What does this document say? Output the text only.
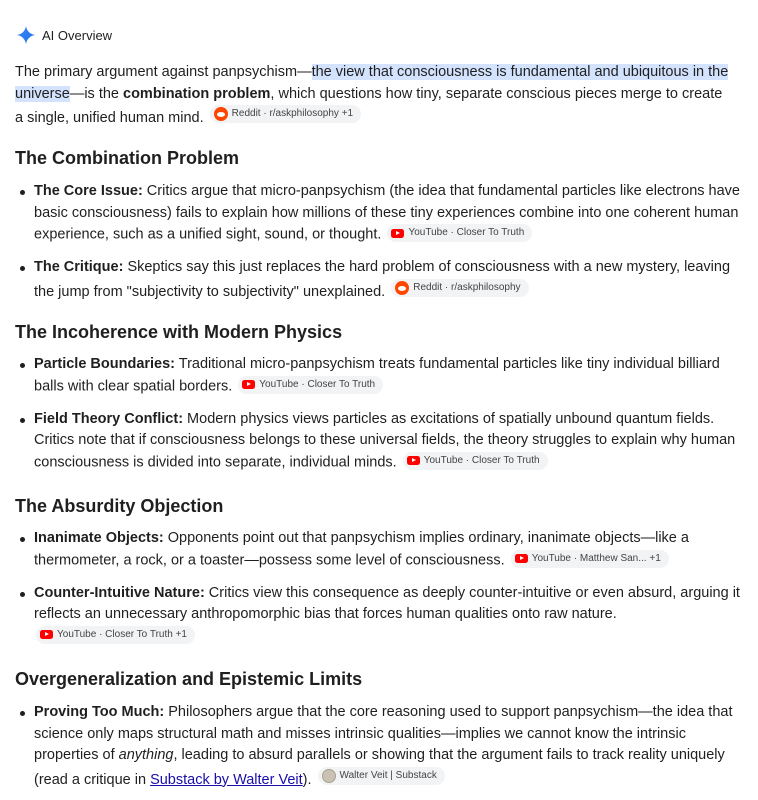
AI Overview
The primary argument against panpsychism—the view that consciousness is fundamental and ubiquitous in the universe—is the combination problem, which questions how tiny, separate conscious pieces merge to create a single, unified human mind.	Reddit · r/askphilosophy +1
The Combination Problem
The Core Issue: Critics argue that micro-panpsychism (the idea that fundamental particles like electrons have basic consciousness) fails to explain how millions of these tiny experiences combine into one coherent human experience, such as a unified sight, sound, or thought.	YouTube · Closer To Truth
The Critique: Skeptics say this just replaces the hard problem of consciousness with a new mystery, leaving the jump from "subjectivity to subjectivity" unexplained.	Reddit · r/askphilosophy
The Incoherence with Modern Physics
Particle Boundaries: Traditional micro-panpsychism treats fundamental particles like tiny individual billiard balls with clear spatial borders.	YouTube · Closer To Truth
Field Theory Conflict: Modern physics views particles as excitations of spatially unbound quantum fields. Critics note that if consciousness belongs to these universal fields, the theory struggles to explain why human consciousness is divided into separate, individual minds.	YouTube · Closer To Truth
The Absurdity Objection
Inanimate Objects: Opponents point out that panpsychism implies ordinary, inanimate objects—like a thermometer, a rock, or a toaster—possess some level of consciousness.	YouTube · Matthew San... +1
Counter-Intuitive Nature: Critics view this consequence as deeply counter-intuitive or even absurd, arguing it reflects an unnecessary anthropomorphic bias that forces human qualities onto raw nature.
YouTube · Closer To Truth +1
Overgeneralization and Epistemic Limits
Proving Too Much: Philosophers argue that the core reasoning used to support panpsychism—the idea that science only maps structural math and misses intrinsic qualities—implies we cannot know the intrinsic properties of anything, leading to absurd parallels or showing that the argument fails to track reality uniquely (read a critique in Substack by Walter Veit).	Walter Veit | Substack
